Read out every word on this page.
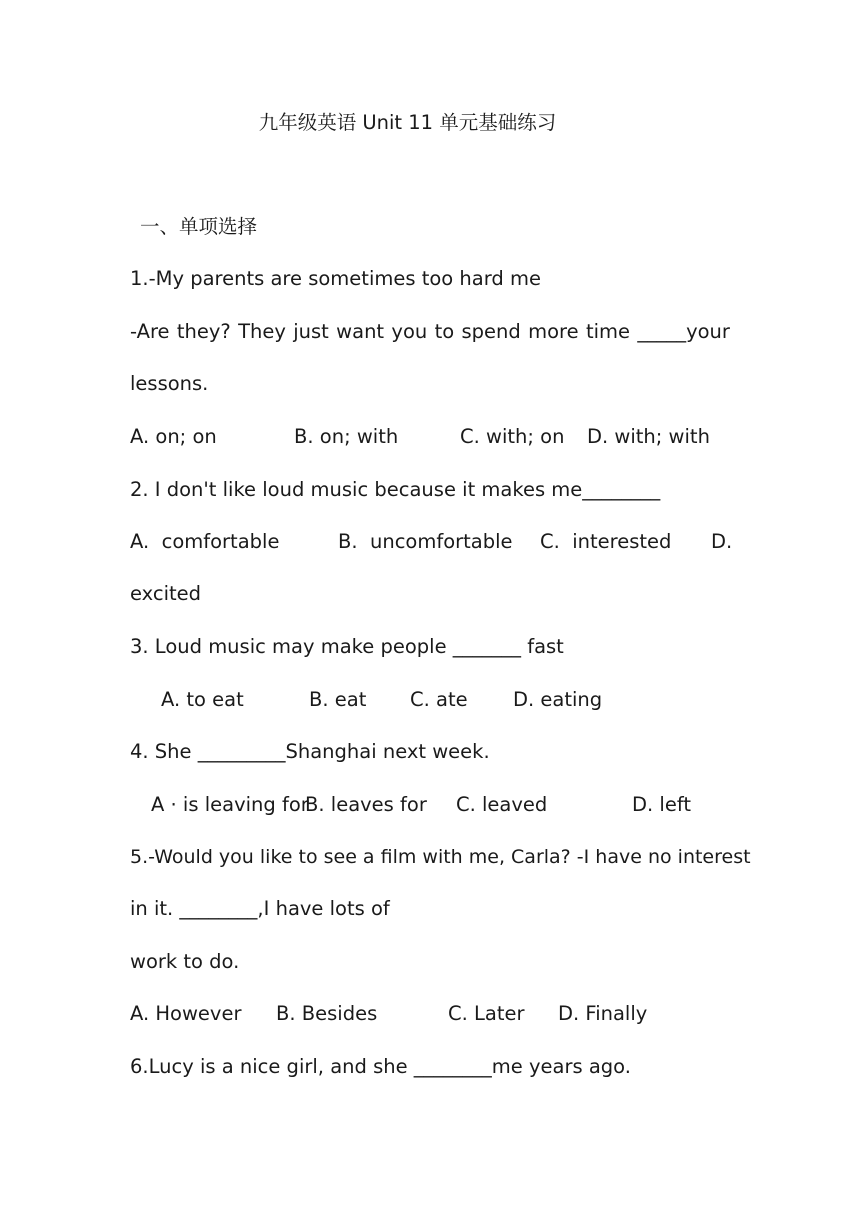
九年级英语 Unit 11 单元基础练习
一、单项选择
1.-My parents are sometimes too hard me
-Are they? They just want you to spend more time _____your
lessons.
A. on; on	B. on; with	C. with; on D. with; with
2. I don't like loud music because it makes me________
A.  comfortable	B.  uncomfortable C.  interested D.
excited
3. Loud music may make people _______ fast
A. to eat	B. eat C. ate D. eating
4. She _________Shanghai next week.
A · is leaving for
B. leaves for C. leaved	D. left
5.-Would you like to see a film with me, Carla? -I have no interest
in it. ________,I have lots of
work to do.
A. However B. Besides	C. Later D. Finally
6.Lucy is a nice girl, and she ________me years ago.
